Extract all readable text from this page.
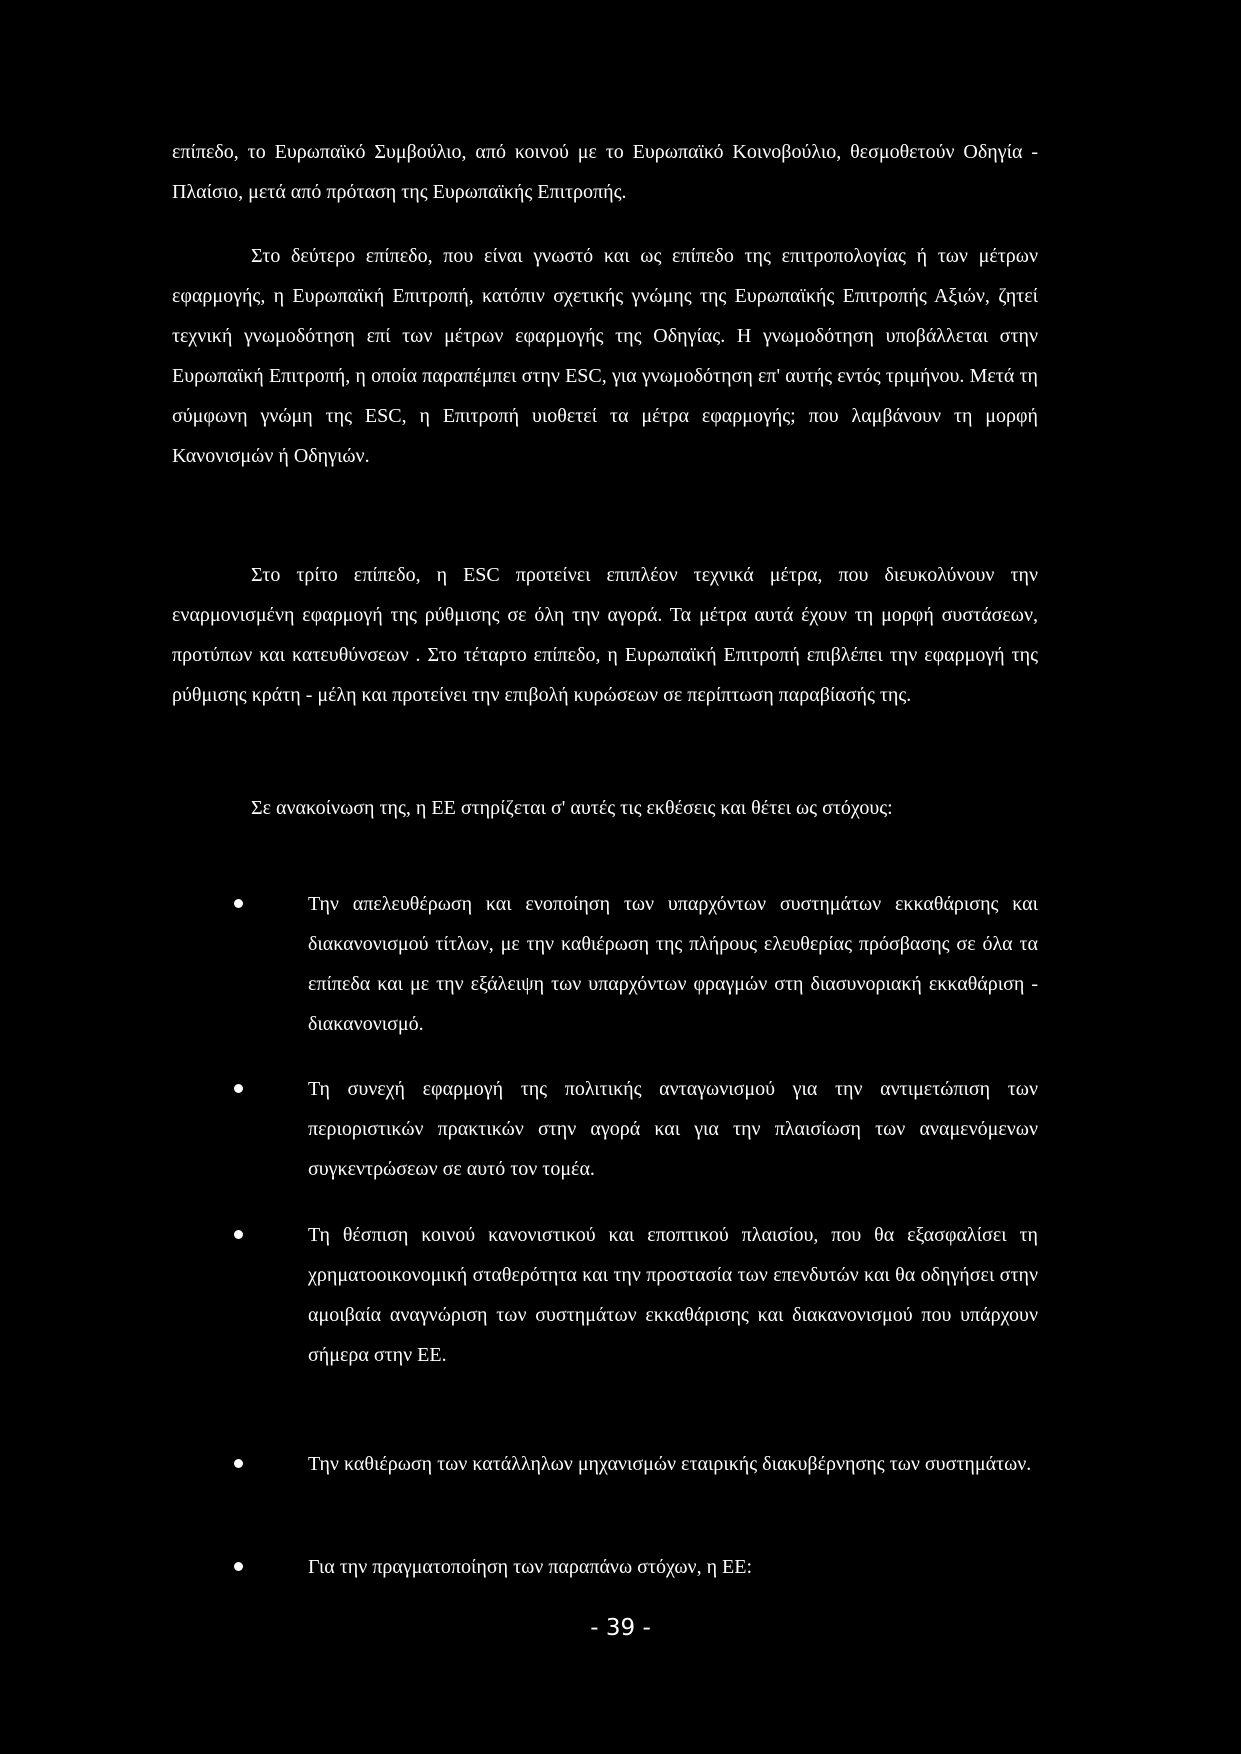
επίπεδο, το Ευρωπαϊκό Συμβούλιο, από κοινού με το Ευρωπαϊκό Κοινοβούλιο, θεσμοθετούν Οδηγία - Πλαίσιο, μετά από πρόταση της Ευρωπαϊκής Επιτροπής.

Στο δεύτερο επίπεδο, που είναι γνωστό και ως επίπεδο της επιτροπολογίας ή των μέτρων εφαρμογής, η Ευρωπαϊκή Επιτροπή, κατόπιν σχετικής γνώμης της Ευρωπαϊκής Επιτροπής Αξιών, ζητεί τεχνική γνωμοδότηση επί των μέτρων εφαρμογής της Οδηγίας. Η γνωμοδότηση υποβάλλεται στην Ευρωπαϊκή Επιτροπή, η οποία παραπέμπει στην ESC, για γνωμοδότηση επ' αυτής εντός τριμήνου. Μετά τη σύμφωνη γνώμη της ESC, η Επιτροπή υιοθετεί τα μέτρα εφαρμογής; που λαμβάνουν τη μορφή Κανονισμών ή Οδηγιών.

Στο τρίτο επίπεδο, η ESC προτείνει επιπλέον τεχνικά μέτρα, που διευκολύνουν την εναρμονισμένη εφαρμογή της ρύθμισης σε όλη την αγορά. Τα μέτρα αυτά έχουν τη μορφή συστάσεων, προτύπων και κατευθύνσεων . Στο τέταρτο επίπεδο, η Ευρωπαϊκή Επιτροπή επιβλέπει την εφαρμογή της ρύθμισης κράτη - μέλη και προτείνει την επιβολή κυρώσεων σε περίπτωση παραβίασής της.

Σε ανακοίνωση της, η ΕΕ στηρίζεται σ' αυτές τις εκθέσεις και θέτει ως στόχους:

Την απελευθέρωση και ενοποίηση των υπαρχόντων συστημάτων εκκαθάρισης και διακανονισμού τίτλων, με την καθιέρωση της πλήρους ελευθερίας πρόσβασης σε όλα τα επίπεδα και με την εξάλειψη των υπαρχόντων φραγμών στη διασυνοριακή εκκαθάριση - διακανονισμό.

Τη συνεχή εφαρμογή της πολιτικής ανταγωνισμού για την αντιμετώπιση των περιοριστικών πρακτικών στην αγορά και για την πλαισίωση των αναμενόμενων συγκεντρώσεων σε αυτό τον τομέα.

Τη θέσπιση κοινού κανονιστικού και εποπτικού πλαισίου, που θα εξασφαλίσει τη χρηματοοικονομική σταθερότητα και την προστασία των επενδυτών και θα οδηγήσει στην αμοιβαία αναγνώριση των συστημάτων εκκαθάρισης και διακανονισμού που υπάρχουν σήμερα στην ΕΕ.

Την καθιέρωση των κατάλληλων μηχανισμών εταιρικής διακυβέρνησης των συστημάτων.

Για την πραγματοποίηση των παραπάνω στόχων, η ΕΕ:

- 39 -
